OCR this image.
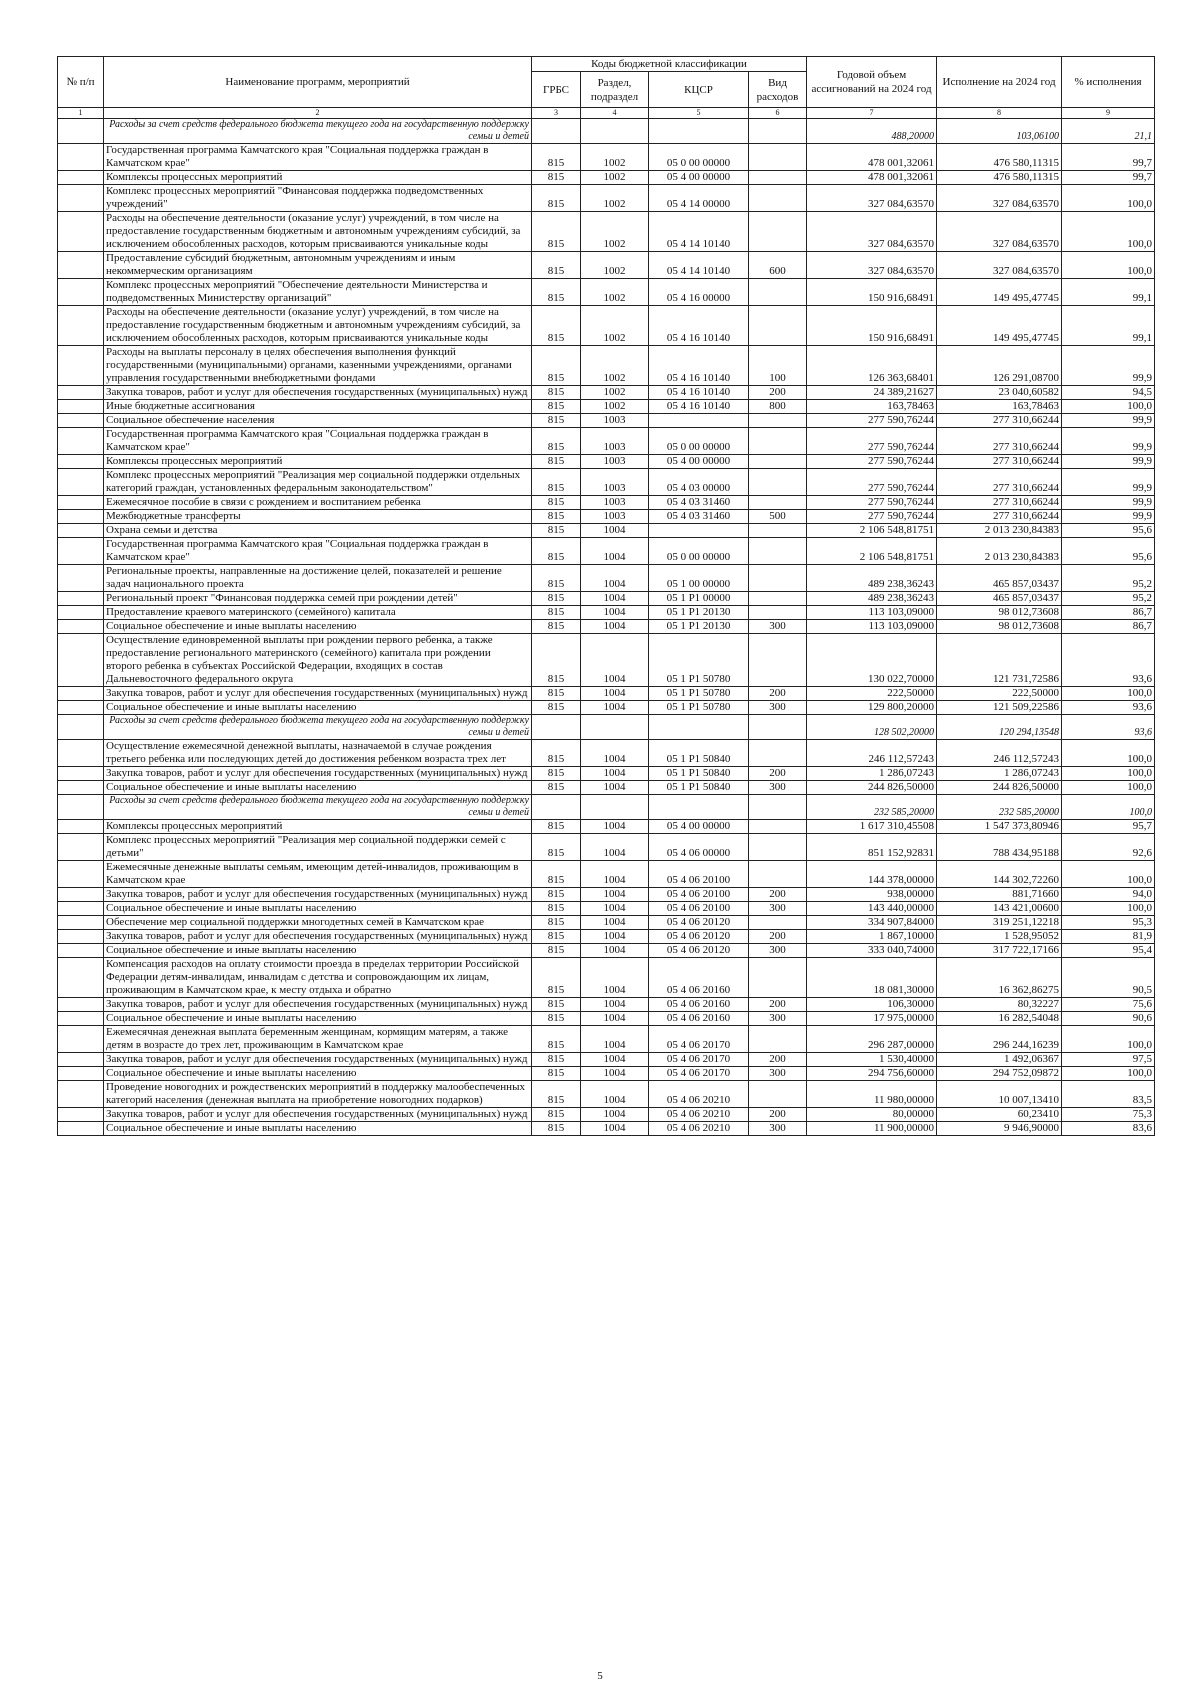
№ п/п	Наименование программ, мероприятий	Коды бюджетной классификации				Годовой объем ассигнований на 2024 год	Исполнение на 2024 год	% исполнения
		ГРБС	Раздел, подраздел	КЦСР	Вид расходов			
1	2	3	4	5	6	7	8	9
	Расходы за счет средств федерального бюджета текущего года на государственную поддержку семьи и детей					488,20000	103,06100	21,1
	Государственная программа Камчатского края "Социальная поддержка граждан в Камчатском крае"	815	1002	05 0 00 00000		478 001,32061	476 580,11315	99,7
	Комплексы процессных мероприятий	815	1002	05 4 00 00000		478 001,32061	476 580,11315	99,7
	Комплекс процессных мероприятий "Финансовая поддержка подведомственных учреждений"	815	1002	05 4 14 00000		327 084,63570	327 084,63570	100,0
	Расходы на обеспечение деятельности (оказание услуг) учреждений, в том числе на предоставление государственным бюджетным и автономным учреждениям субсидий, за исключением обособленных расходов, которым присваиваются уникальные коды	815	1002	05 4 14 10140		327 084,63570	327 084,63570	100,0
	Предоставление субсидий бюджетным, автономным учреждениям и иным некоммерческим организациям	815	1002	05 4 14 10140	600	327 084,63570	327 084,63570	100,0
	Комплекс процессных мероприятий "Обеспечение деятельности Министерства и подведомственных Министерству организаций"	815	1002	05 4 16 00000		150 916,68491	149 495,47745	99,1
	Расходы на обеспечение деятельности (оказание услуг) учреждений, в том числе на предоставление государственным бюджетным и автономным учреждениям субсидий, за исключением обособленных расходов, которым присваиваются уникальные коды	815	1002	05 4 16 10140		150 916,68491	149 495,47745	99,1
	Расходы на выплаты персоналу в целях обеспечения выполнения функций государственными (муниципальными) органами, казенными учреждениями, органами управления государственными внебюджетными фондами	815	1002	05 4 16 10140	100	126 363,68401	126 291,08700	99,9
	Закупка товаров, работ и услуг для обеспечения государственных (муниципальных) нужд	815	1002	05 4 16 10140	200	24 389,21627	23 040,60582	94,5
	Иные бюджетные ассигнования	815	1002	05 4 16 10140	800	163,78463	163,78463	100,0
	Социальное обеспечение населения	815	1003			277 590,76244	277 310,66244	99,9
	Государственная программа Камчатского края "Социальная поддержка граждан в Камчатском крае"	815	1003	05 0 00 00000		277 590,76244	277 310,66244	99,9
	Комплексы процессных мероприятий	815	1003	05 4 00 00000		277 590,76244	277 310,66244	99,9
	Комплекс процессных мероприятий "Реализация мер социальной поддержки отдельных категорий граждан, установленных федеральным законодательством"	815	1003	05 4 03 00000		277 590,76244	277 310,66244	99,9
	Ежемесячное пособие в связи с рождением и воспитанием ребенка	815	1003	05 4 03 31460		277 590,76244	277 310,66244	99,9
	Межбюджетные трансферты	815	1003	05 4 03 31460	500	277 590,76244	277 310,66244	99,9
	Охрана семьи и детства	815	1004			2 106 548,81751	2 013 230,84383	95,6
	Государственная программа Камчатского края "Социальная поддержка граждан в Камчатском крае"	815	1004	05 0 00 00000		2 106 548,81751	2 013 230,84383	95,6
	Региональные проекты, направленные на достижение целей, показателей и решение задач национального проекта	815	1004	05 1 00 00000		489 238,36243	465 857,03437	95,2
	Региональный проект "Финансовая поддержка семей при рождении детей"	815	1004	05 1 P1 00000		489 238,36243	465 857,03437	95,2
	Предоставление краевого материнского (семейного) капитала	815	1004	05 1 P1 20130		113 103,09000	98 012,73608	86,7
	Социальное обеспечение и иные выплаты населению	815	1004	05 1 P1 20130	300	113 103,09000	98 012,73608	86,7
	Осуществление единовременной выплаты при рождении первого ребенка, а также предоставление регионального материнского (семейного) капитала при рождении второго ребенка в субъектах Российской Федерации, входящих в состав Дальневосточного федерального округа	815	1004	05 1 P1 50780		130 022,70000	121 731,72586	93,6
	Закупка товаров, работ и услуг для обеспечения государственных (муниципальных) нужд	815	1004	05 1 P1 50780	200	222,50000	222,50000	100,0
	Социальное обеспечение и иные выплаты населению	815	1004	05 1 P1 50780	300	129 800,20000	121 509,22586	93,6
	Расходы за счет средств федерального бюджета текущего года на государственную поддержку семьи и детей					128 502,20000	120 294,13548	93,6
	Осуществление ежемесячной денежной выплаты, назначаемой в случае рождения третьего ребенка или последующих детей до достижения ребенком возраста трех лет	815	1004	05 1 P1 50840		246 112,57243	246 112,57243	100,0
	Закупка товаров, работ и услуг для обеспечения государственных (муниципальных) нужд	815	1004	05 1 P1 50840	200	1 286,07243	1 286,07243	100,0
	Социальное обеспечение и иные выплаты населению	815	1004	05 1 P1 50840	300	244 826,50000	244 826,50000	100,0
	Расходы за счет средств федерального бюджета текущего года на государственную поддержку семьи и детей					232 585,20000	232 585,20000	100,0
	Комплексы процессных мероприятий	815	1004	05 4 00 00000		1 617 310,45508	1 547 373,80946	95,7
	Комплекс процессных мероприятий "Реализация мер социальной поддержки семей с детьми"	815	1004	05 4 06 00000		851 152,92831	788 434,95188	92,6
	Ежемесячные денежные выплаты семьям, имеющим детей-инвалидов, проживающим в Камчатском крае	815	1004	05 4 06 20100		144 378,00000	144 302,72260	100,0
	Закупка товаров, работ и услуг для обеспечения государственных (муниципальных) нужд	815	1004	05 4 06 20100	200	938,00000	881,71660	94,0
	Социальное обеспечение и иные выплаты населению	815	1004	05 4 06 20100	300	143 440,00000	143 421,00600	100,0
	Обеспечение мер социальной поддержки многодетных семей в Камчатском крае	815	1004	05 4 06 20120		334 907,84000	319 251,12218	95,3
	Закупка товаров, работ и услуг для обеспечения государственных (муниципальных) нужд	815	1004	05 4 06 20120	200	1 867,10000	1 528,95052	81,9
	Социальное обеспечение и иные выплаты населению	815	1004	05 4 06 20120	300	333 040,74000	317 722,17166	95,4
	Компенсация расходов на оплату стоимости проезда в пределах территории Российской Федерации детям-инвалидам, инвалидам с детства и сопровождающим их лицам, проживающим в Камчатском крае, к месту отдыха и обратно	815	1004	05 4 06 20160		18 081,30000	16 362,86275	90,5
	Закупка товаров, работ и услуг для обеспечения государственных (муниципальных) нужд	815	1004	05 4 06 20160	200	106,30000	80,32227	75,6
	Социальное обеспечение и иные выплаты населению	815	1004	05 4 06 20160	300	17 975,00000	16 282,54048	90,6
	Ежемесячная денежная выплата беременным женщинам, кормящим матерям, а также детям в возрасте до трех лет, проживающим в Камчатском крае	815	1004	05 4 06 20170		296 287,00000	296 244,16239	100,0
	Закупка товаров, работ и услуг для обеспечения государственных (муниципальных) нужд	815	1004	05 4 06 20170	200	1 530,40000	1 492,06367	97,5
	Социальное обеспечение и иные выплаты населению	815	1004	05 4 06 20170	300	294 756,60000	294 752,09872	100,0
	Проведение новогодних и рождественских мероприятий в поддержку малообеспеченных категорий населения (денежная выплата на приобретение новогодних подарков)	815	1004	05 4 06 20210		11 980,00000	10 007,13410	83,5
	Закупка товаров, работ и услуг для обеспечения государственных (муниципальных) нужд	815	1004	05 4 06 20210	200	80,00000	60,23410	75,3
	Социальное обеспечение и иные выплаты населению	815	1004	05 4 06 20210	300	11 900,00000	9 946,90000	83,6
5
